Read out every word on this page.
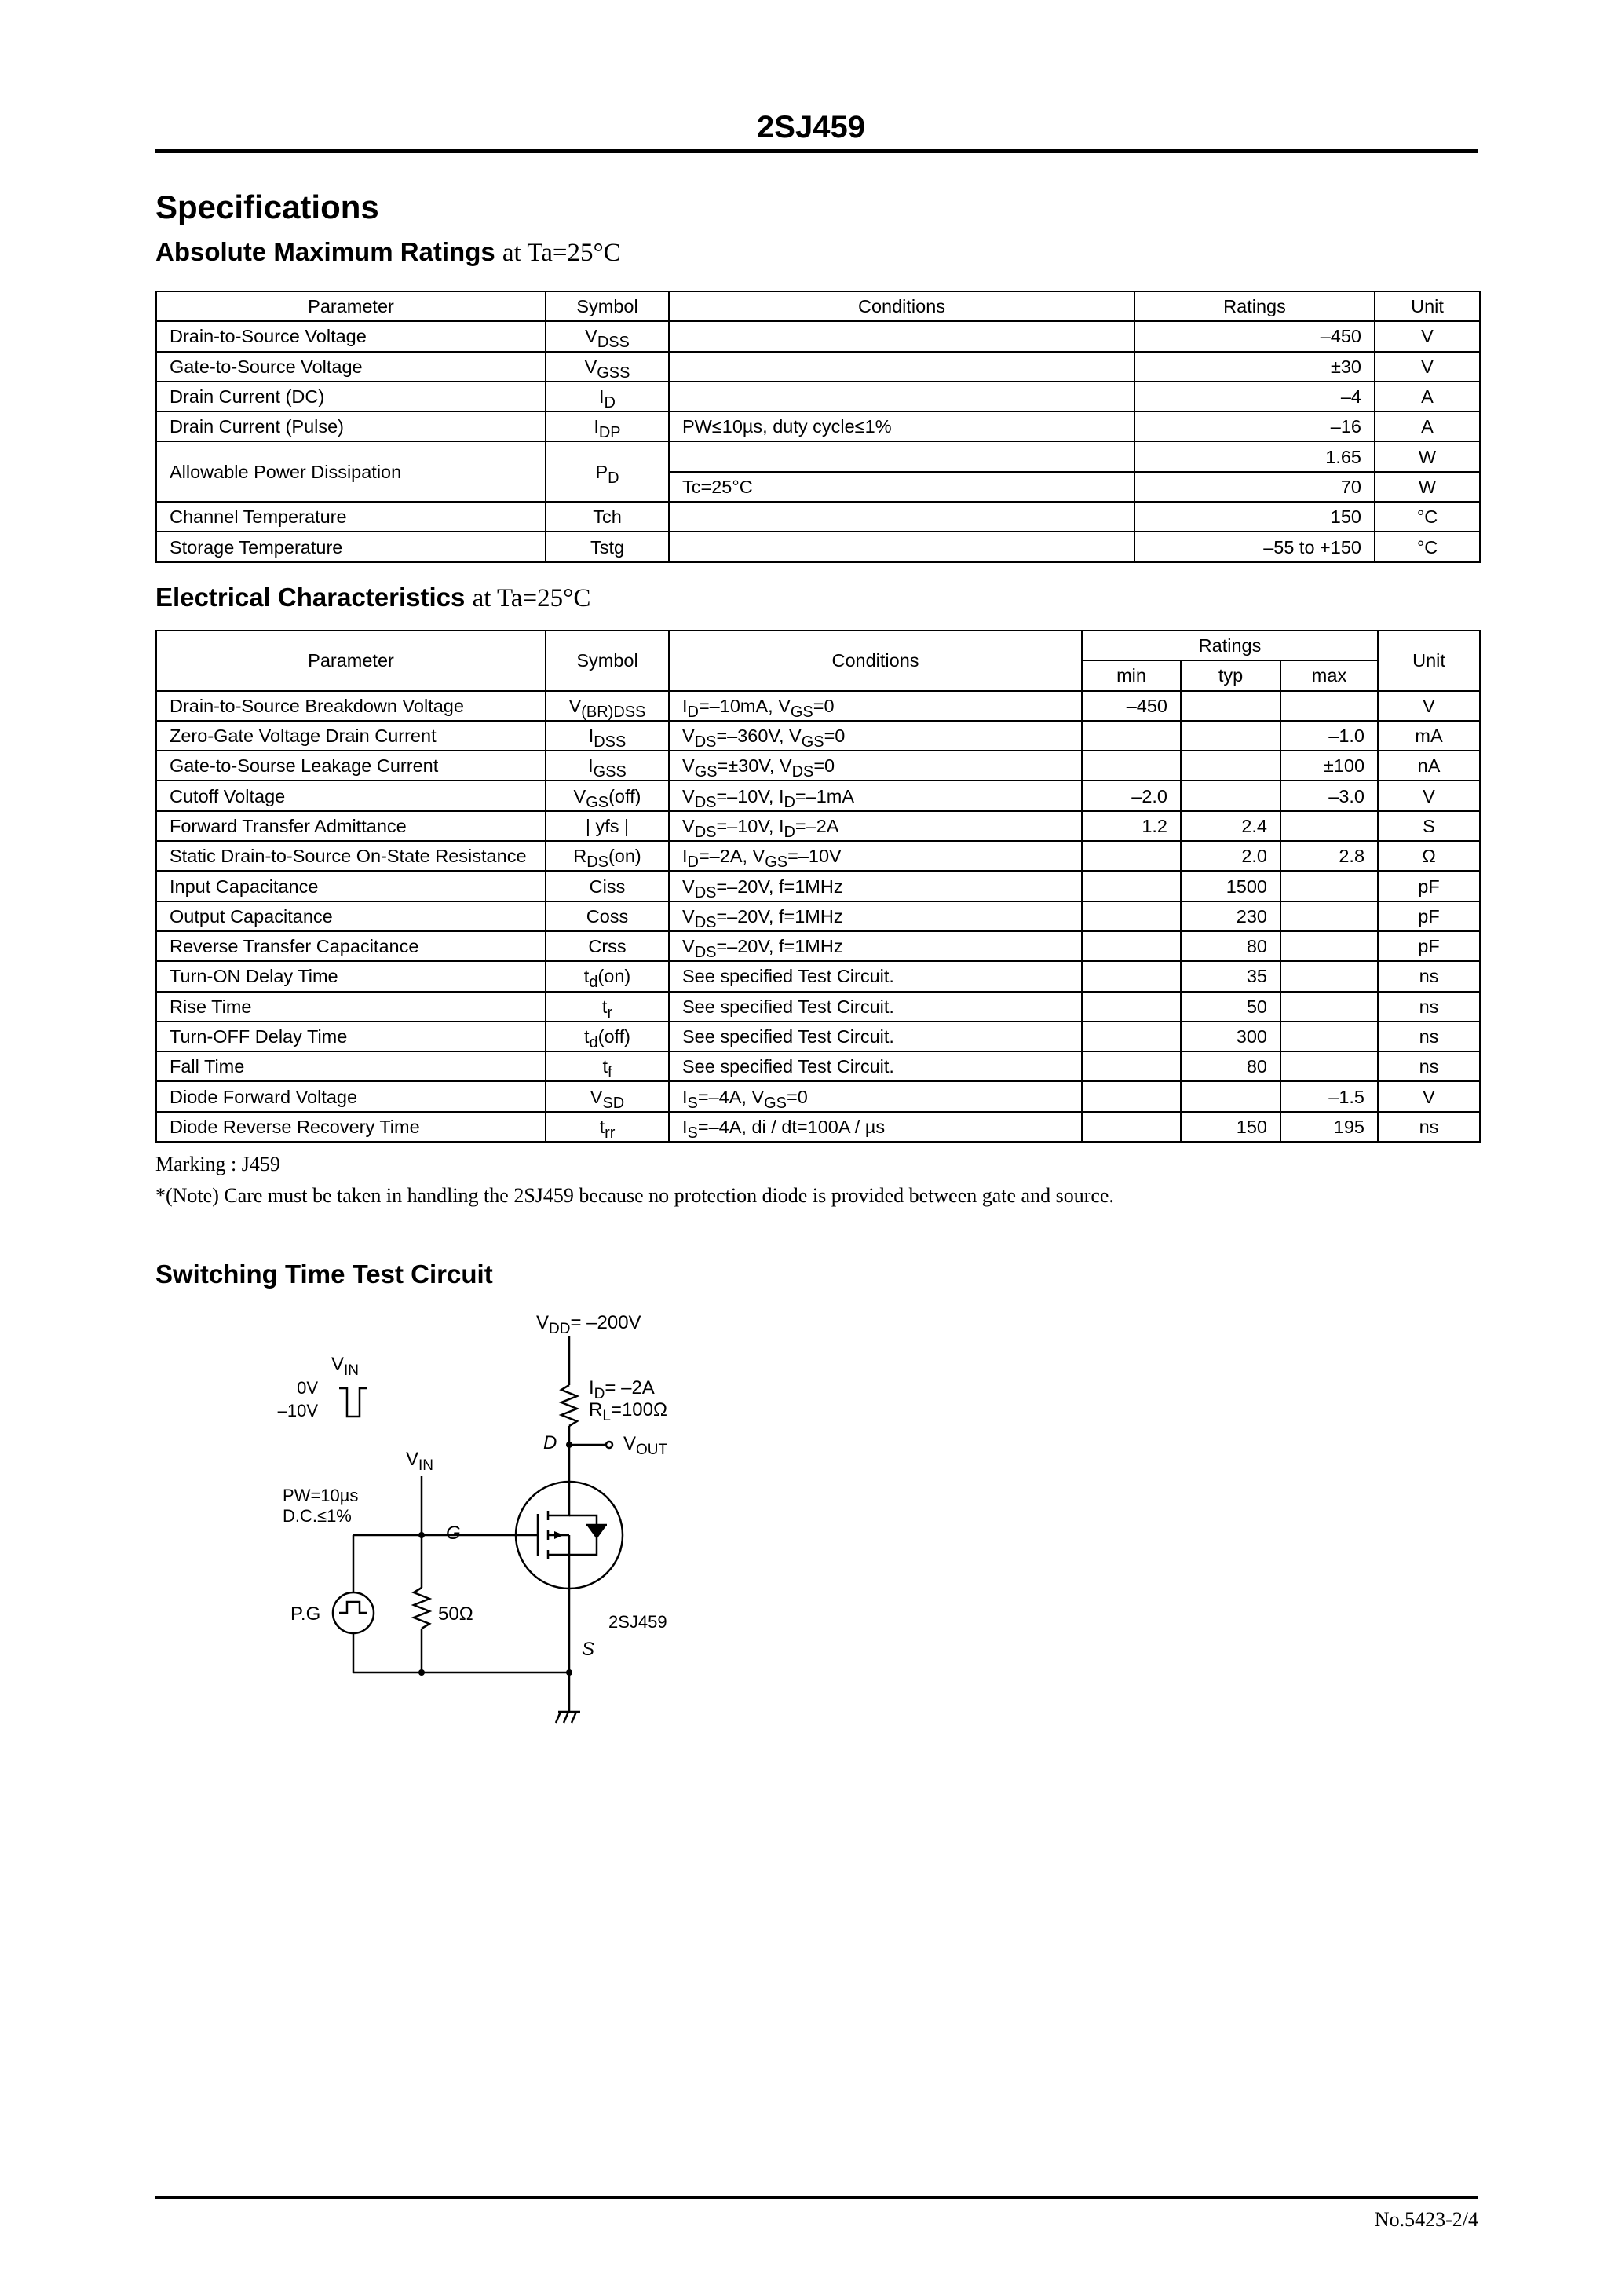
2SJ459
Specifications
Absolute Maximum Ratings at Ta=25°C
Parameter	Symbol	Conditions	Ratings	Unit
Drain-to-Source Voltage	$V_{DSS}$		–450	V
Gate-to-Source Voltage	$V_{GSS}$		±30	V
Drain Current (DC)	$I_D$		–4	A
Drain Current (Pulse)	$I_{DP}$	PW≤10µs, duty cycle≤1%	–16	A
Allowable Power Dissipation	$P_D$		1.65	W
		Tc=25°C	70	W
Channel Temperature	Tch		150	°C
Storage Temperature	Tstg		–55 to +150	°C
Electrical Characteristics at Ta=25°C
Parameter	Symbol	Conditions	Ratings			Unit
			min	typ	max	
Drain-to-Source Breakdown Voltage	$V_{(BR)DSS}$	$I_D=-10mA$, $V_{GS}=0$	–450			V
Zero-Gate Voltage Drain Current	$I_{DSS}$	$V_{DS}=-360V$, $V_{GS}=0$			–1.0	mA
Gate-to-Sourse Leakage Current	$I_{GSS}$	$V_{GS}=\pm 30V$, $V_{DS}=0$			±100	nA
Cutoff Voltage	$V_{GS}(off)$	$V_{DS}=-10V$, $I_D=-1mA$	–2.0		–3.0	V
Forward Transfer Admittance	| yfs |	$V_{DS}=-10V$, $I_D=-2A$	1.2	2.4		S
Static Drain-to-Source On-State Resistance	$R_{DS}(on)$	$I_D=-2A$, $V_{GS}=-10V$		2.0	2.8	Ω
Input Capacitance	Ciss	$V_{DS}=-20V$, f=1MHz		1500		pF
Output Capacitance	Coss	$V_{DS}=-20V$, f=1MHz		230		pF
Reverse Transfer Capacitance	Crss	$V_{DS}=-20V$, f=1MHz		80		pF
Turn-ON Delay Time	$t_d(on)$	See specified Test Circuit.		35		ns
Rise Time	$t_r$	See specified Test Circuit.		50		ns
Turn-OFF Delay Time	$t_d(off)$	See specified Test Circuit.		300		ns
Fall Time	$t_f$	See specified Test Circuit.		80		ns
Diode Forward Voltage	$V_{SD}$	$I_S=-4A$, $V_{GS}=0$			–1.5	V
Diode Reverse Recovery Time	$t_{rr}$	$I_S=-4A$, di / dt=100A / µs		150	195	ns
Marking : J459
*(Note) Care must be taken in handling the 2SJ459 because no protection diode is provided between gate and source.
Switching Time Test Circuit
$V_{DD}= -200V$
$V_{IN}$
0V
–10V
$I_D= -2A$
$R_L=100\Omega$
D	$V_{OUT}$
$V_{IN}$
PW=10µs
D.C.≤1%
G
P.G	50Ω	2SJ459
S
No.5423-2/4
